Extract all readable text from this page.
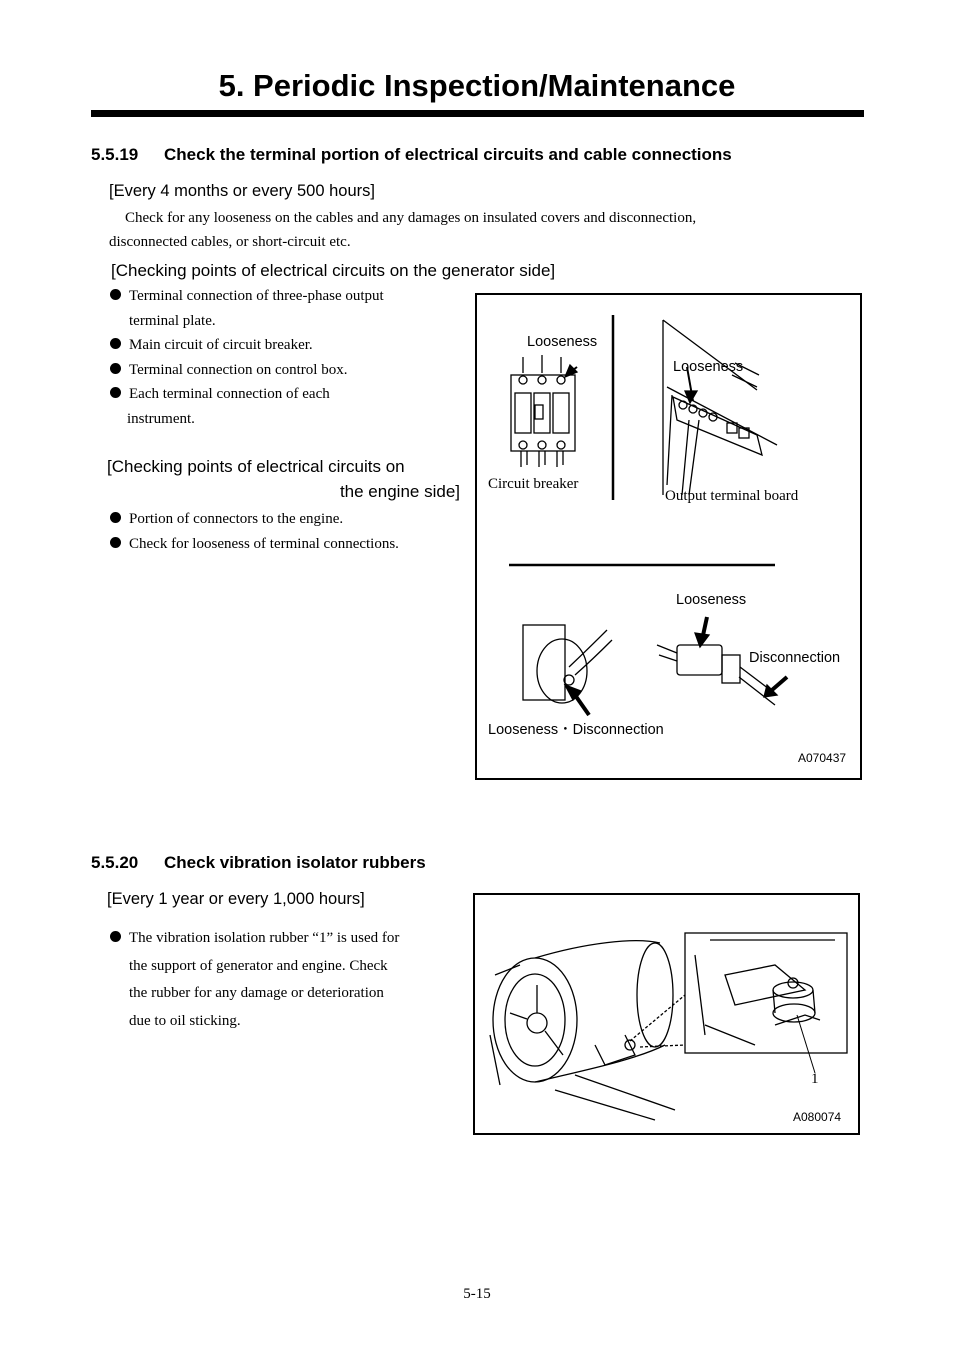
5. Periodic Inspection/Maintenance
5.5.19 Check the terminal portion of electrical circuits and cable connections
[Every 4 months or every 500 hours]
Check for any looseness on the cables and any damages on insulated covers and disconnection,
disconnected cables, or short-circuit etc.
[Checking points of electrical circuits on the generator side]
Terminal connection of three-phase output
terminal plate.
Main circuit of circuit breaker.
Terminal connection on control box.
Each terminal connection of each
instrument.
[Checking points of electrical circuits on
the engine side]
Portion of connectors to the engine.
Check for looseness of terminal connections.
Looseness
Looseness
Circuit breaker
Output terminal board
Looseness
Disconnection
Looseness・Disconnection
A070437
5.5.20 Check vibration isolator rubbers
[Every 1 year or every 1,000 hours]
The vibration isolation rubber “1” is used for
the support of generator and engine. Check
the rubber for any damage or deterioration
due to oil sticking.
1
A080074
5-15
